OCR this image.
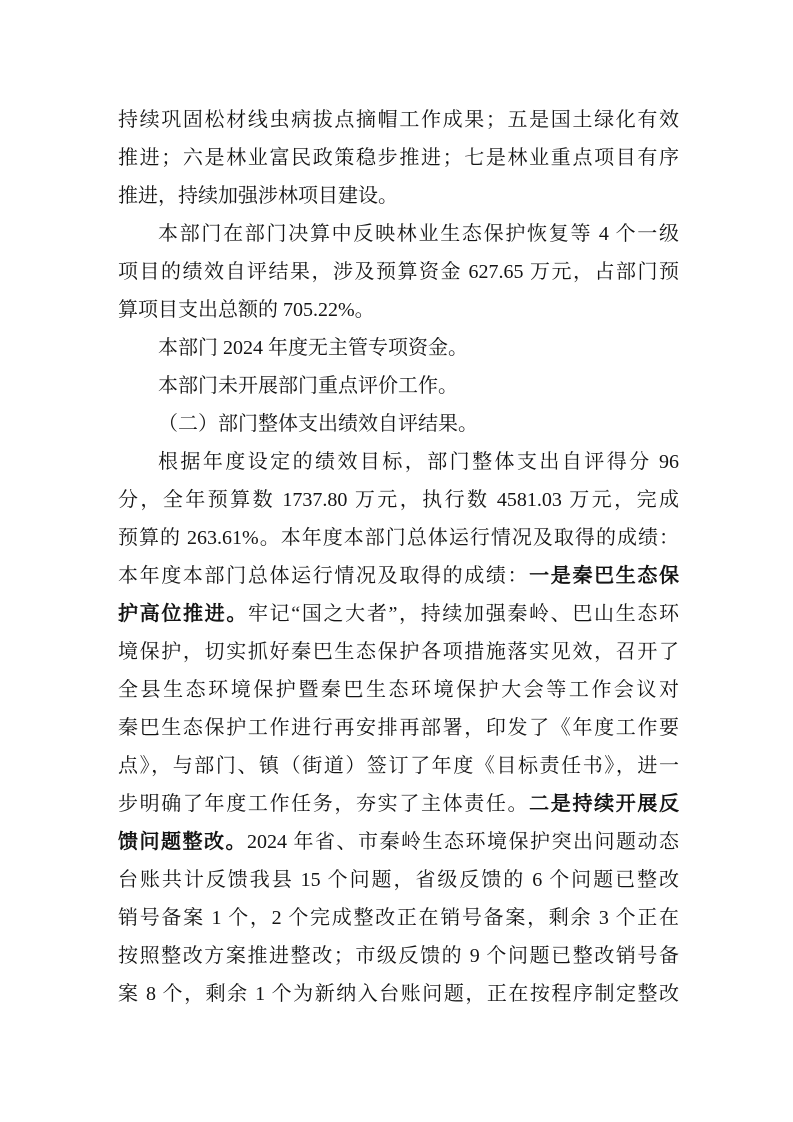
持续巩固松材线虫病拔点摘帽工作成果；五是国土绿化有效
推进；六是林业富民政策稳步推进；七是林业重点项目有序
推进，持续加强涉林项目建设。
本部门在部门决算中反映林业生态保护恢复等 4 个一级
项目的绩效自评结果，涉及预算资金 627.65 万元，占部门预
算项目支出总额的 705.22%。
本部门 2024 年度无主管专项资金。
本部门未开展部门重点评价工作。
（二）部门整体支出绩效自评结果。
根据年度设定的绩效目标，部门整体支出自评得分 96
分，全年预算数 1737.80 万元，执行数 4581.03 万元，完成
预算的 263.61%。本年度本部门总体运行情况及取得的成绩：
本年度本部门总体运行情况及取得的成绩：一是秦巴生态保
护高位推进。牢记“国之大者”，持续加强秦岭、巴山生态环
境保护，切实抓好秦巴生态保护各项措施落实见效，召开了
全县生态环境保护暨秦巴生态环境保护大会等工作会议对
秦巴生态保护工作进行再安排再部署，印发了《年度工作要
点》，与部门、镇（街道）签订了年度《目标责任书》，进一
步明确了年度工作任务，夯实了主体责任。二是持续开展反
馈问题整改。2024 年省、市秦岭生态环境保护突出问题动态
台账共计反馈我县 15 个问题，省级反馈的 6 个问题已整改
销号备案 1 个，2 个完成整改正在销号备案，剩余 3 个正在
按照整改方案推进整改；市级反馈的 9 个问题已整改销号备
案 8 个，剩余 1 个为新纳入台账问题，正在按程序制定整改
